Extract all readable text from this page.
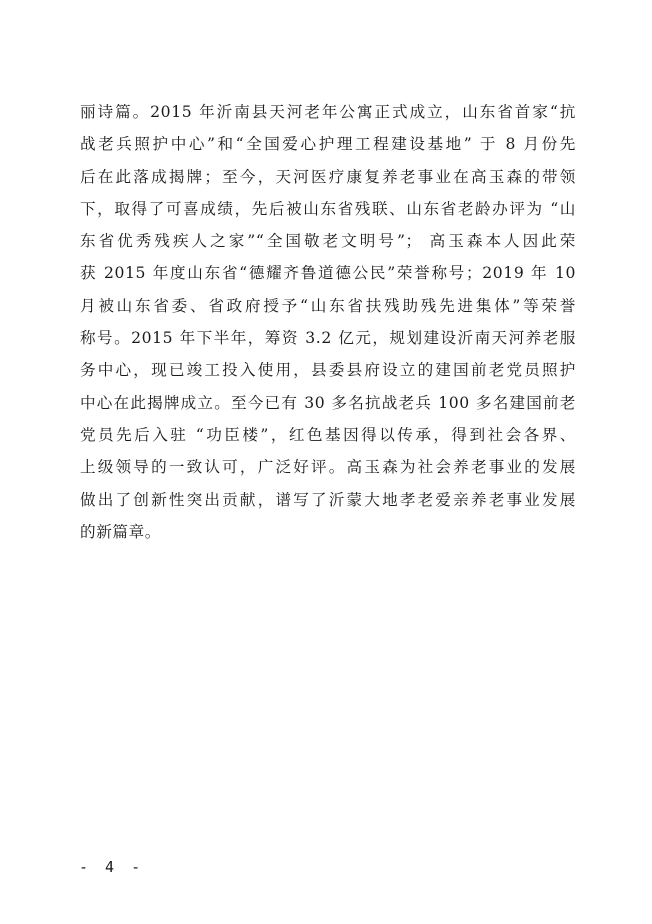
丽诗篇。2015 年沂南县天河老年公寓正式成立，山东省首家“抗
战老兵照护中心”和“全国爱心护理工程建设基地” 于 8 月份先
后在此落成揭牌；至今，天河医疗康复养老事业在高玉森的带领
下，取得了可喜成绩，先后被山东省残联、山东省老龄办评为 “山
东省优秀残疾人之家”“全国敬老文明号”； 高玉森本人因此荣
获 2015 年度山东省“德耀齐鲁道德公民”荣誉称号；2019 年 10
月被山东省委、省政府授予“山东省扶残助残先进集体”等荣誉
称号。2015 年下半年，筹资 3.2 亿元，规划建设沂南天河养老服
务中心，现已竣工投入使用，县委县府设立的建国前老党员照护
中心在此揭牌成立。至今已有 30 多名抗战老兵 100 多名建国前老
党员先后入驻 “功臣楼”，红色基因得以传承，得到社会各界、
上级领导的一致认可，广泛好评。高玉森为社会养老事业的发展
做出了创新性突出贡献，谱写了沂蒙大地孝老爱亲养老事业发展
的新篇章。
- 4 -
